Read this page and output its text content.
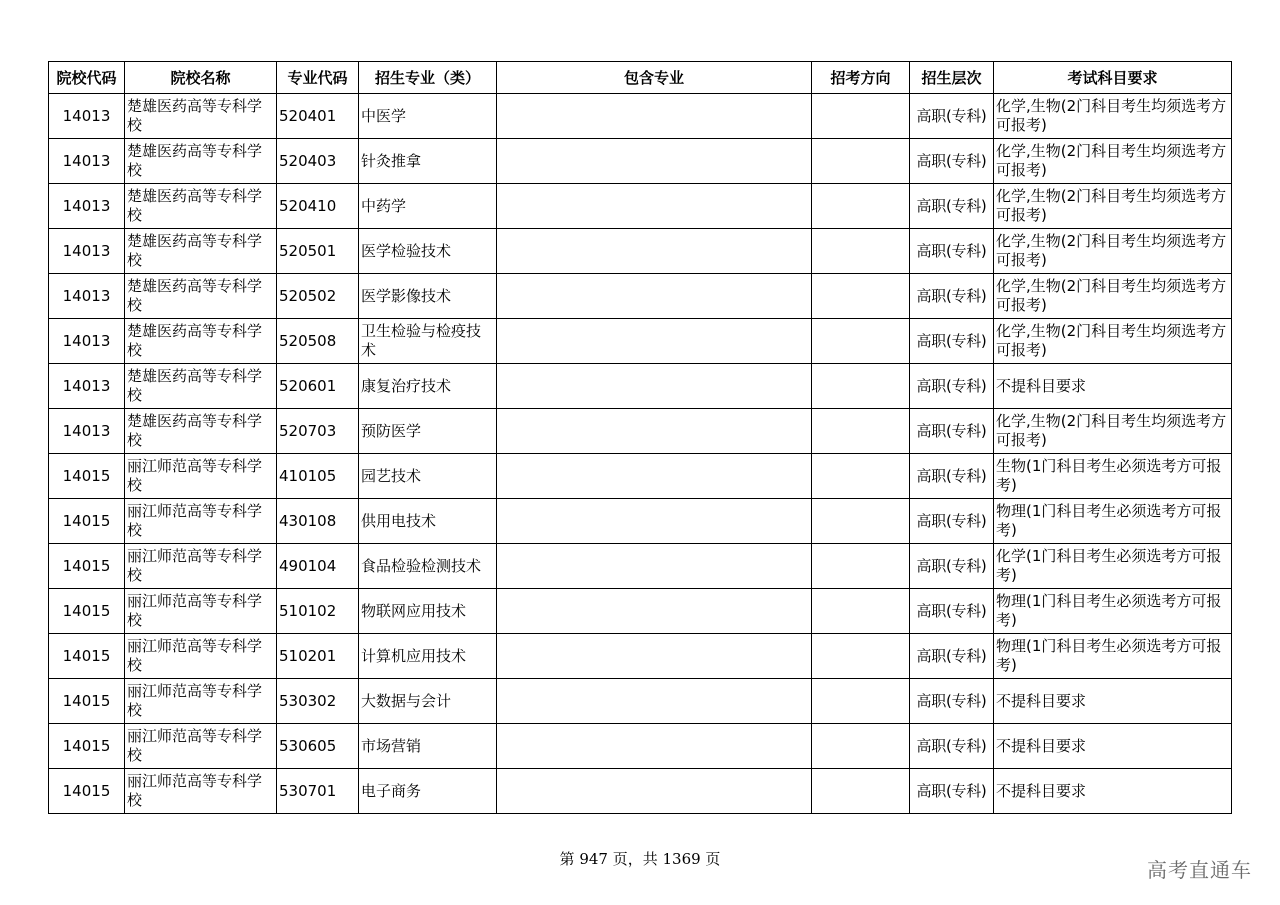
院校代码	院校名称	专业代码	招生专业（类）	包含专业	招考方向	招生层次	考试科目要求
14013	楚雄医药高等专科学校	520401	中医学			高职(专科)	化学,生物(2门科目考生均须选考方可报考)
14013	楚雄医药高等专科学校	520403	针灸推拿			高职(专科)	化学,生物(2门科目考生均须选考方可报考)
14013	楚雄医药高等专科学校	520410	中药学			高职(专科)	化学,生物(2门科目考生均须选考方可报考)
14013	楚雄医药高等专科学校	520501	医学检验技术			高职(专科)	化学,生物(2门科目考生均须选考方可报考)
14013	楚雄医药高等专科学校	520502	医学影像技术			高职(专科)	化学,生物(2门科目考生均须选考方可报考)
14013	楚雄医药高等专科学校	520508	卫生检验与检疫技术			高职(专科)	化学,生物(2门科目考生均须选考方可报考)
14013	楚雄医药高等专科学校	520601	康复治疗技术			高职(专科)	不提科目要求
14013	楚雄医药高等专科学校	520703	预防医学			高职(专科)	化学,生物(2门科目考生均须选考方可报考)
14015	丽江师范高等专科学校	410105	园艺技术			高职(专科)	生物(1门科目考生必须选考方可报考)
14015	丽江师范高等专科学校	430108	供用电技术			高职(专科)	物理(1门科目考生必须选考方可报考)
14015	丽江师范高等专科学校	490104	食品检验检测技术			高职(专科)	化学(1门科目考生必须选考方可报考)
14015	丽江师范高等专科学校	510102	物联网应用技术			高职(专科)	物理(1门科目考生必须选考方可报考)
14015	丽江师范高等专科学校	510201	计算机应用技术			高职(专科)	物理(1门科目考生必须选考方可报考)
14015	丽江师范高等专科学校	530302	大数据与会计			高职(专科)	不提科目要求
14015	丽江师范高等专科学校	530605	市场营销			高职(专科)	不提科目要求
14015	丽江师范高等专科学校	530701	电子商务			高职(专科)	不提科目要求
第 947 页，共 1369 页	高考直通车
